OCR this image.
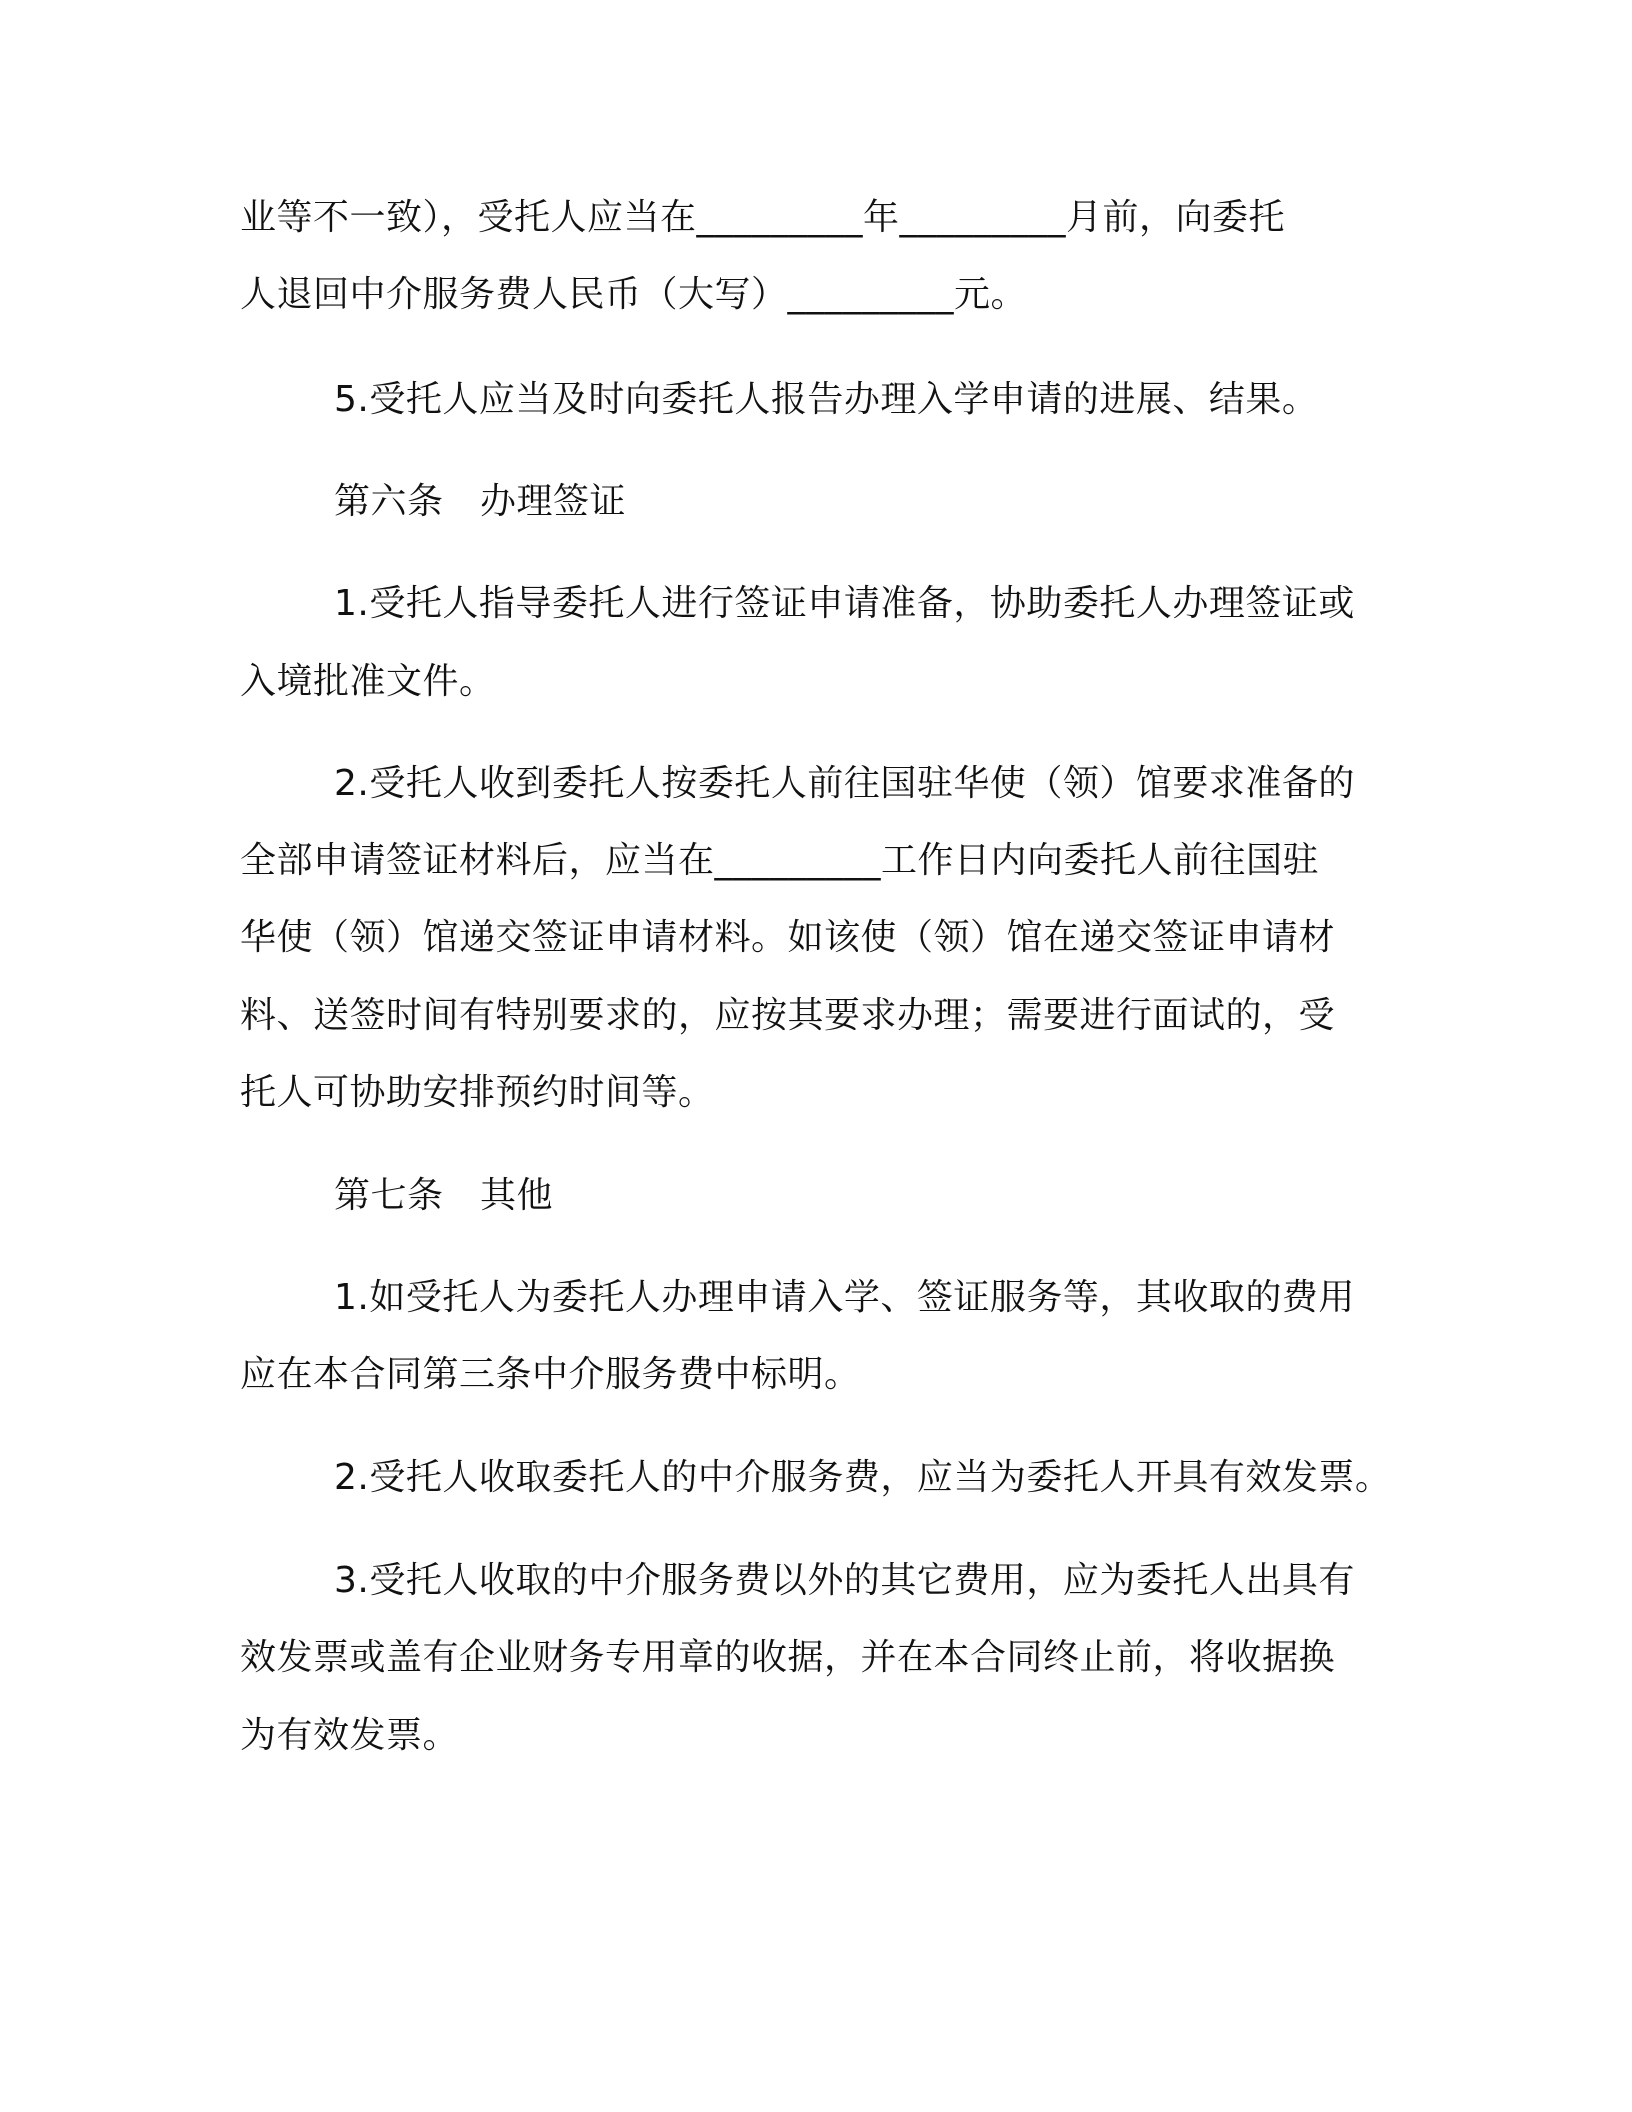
业等不一致），受托人应当在_________年_________月前，向委托

人退回中介服务费人民币（大写）_________元。

5.受托人应当及时向委托人报告办理入学申请的进展、结果。

第六条　办理签证

1.受托人指导委托人进行签证申请准备，协助委托人办理签证或

入境批准文件。

2.受托人收到委托人按委托人前往国驻华使（领）馆要求准备的

全部申请签证材料后，应当在_________工作日内向委托人前往国驻

华使（领）馆递交签证申请材料。如该使（领）馆在递交签证申请材

料、送签时间有特别要求的，应按其要求办理；需要进行面试的，受

托人可协助安排预约时间等。

第七条　其他

1.如受托人为委托人办理申请入学、签证服务等，其收取的费用

应在本合同第三条中介服务费中标明。

2.受托人收取委托人的中介服务费，应当为委托人开具有效发票。

3.受托人收取的中介服务费以外的其它费用，应为委托人出具有

效发票或盖有企业财务专用章的收据，并在本合同终止前，将收据换

为有效发票。
